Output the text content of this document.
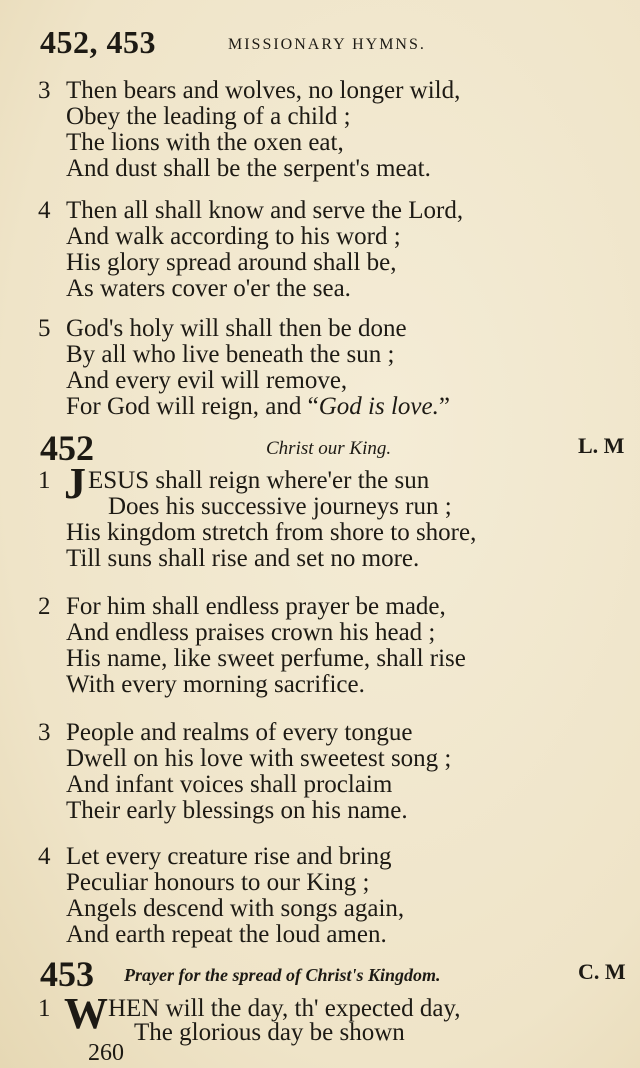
452, 453	MISSIONARY HYMNS.
3 Then bears and wolves, no longer wild,
Obey the leading of a child ;
The lions with the oxen eat,
And dust shall be the serpent's meat.
4 Then all shall know and serve the Lord,
And walk according to his word ;
His glory spread around shall be,
As waters cover o'er the sea.
5 God's holy will shall then be done
By all who live beneath the sun ;
And every evil will remove,
For God will reign, and “God is love.”
452	Christ our King.	L. M
1 J ESUS shall reign where'er the sun
Does his successive journeys run ;
His kingdom stretch from shore to shore,
Till suns shall rise and set no more.
2 For him shall endless prayer be made,
And endless praises crown his head ;
His name, like sweet perfume, shall rise
With every morning sacrifice.
3 People and realms of every tongue
Dwell on his love with sweetest song ;
And infant voices shall proclaim
Their early blessings on his name.
4 Let every creature rise and bring
Peculiar honours to our King ;
Angels descend with songs again,
And earth repeat the loud amen.
453 Prayer for the spread of Christ's Kingdom.	C. M
1 W HEN will the day, th' expected day,
The glorious day be shown
260
